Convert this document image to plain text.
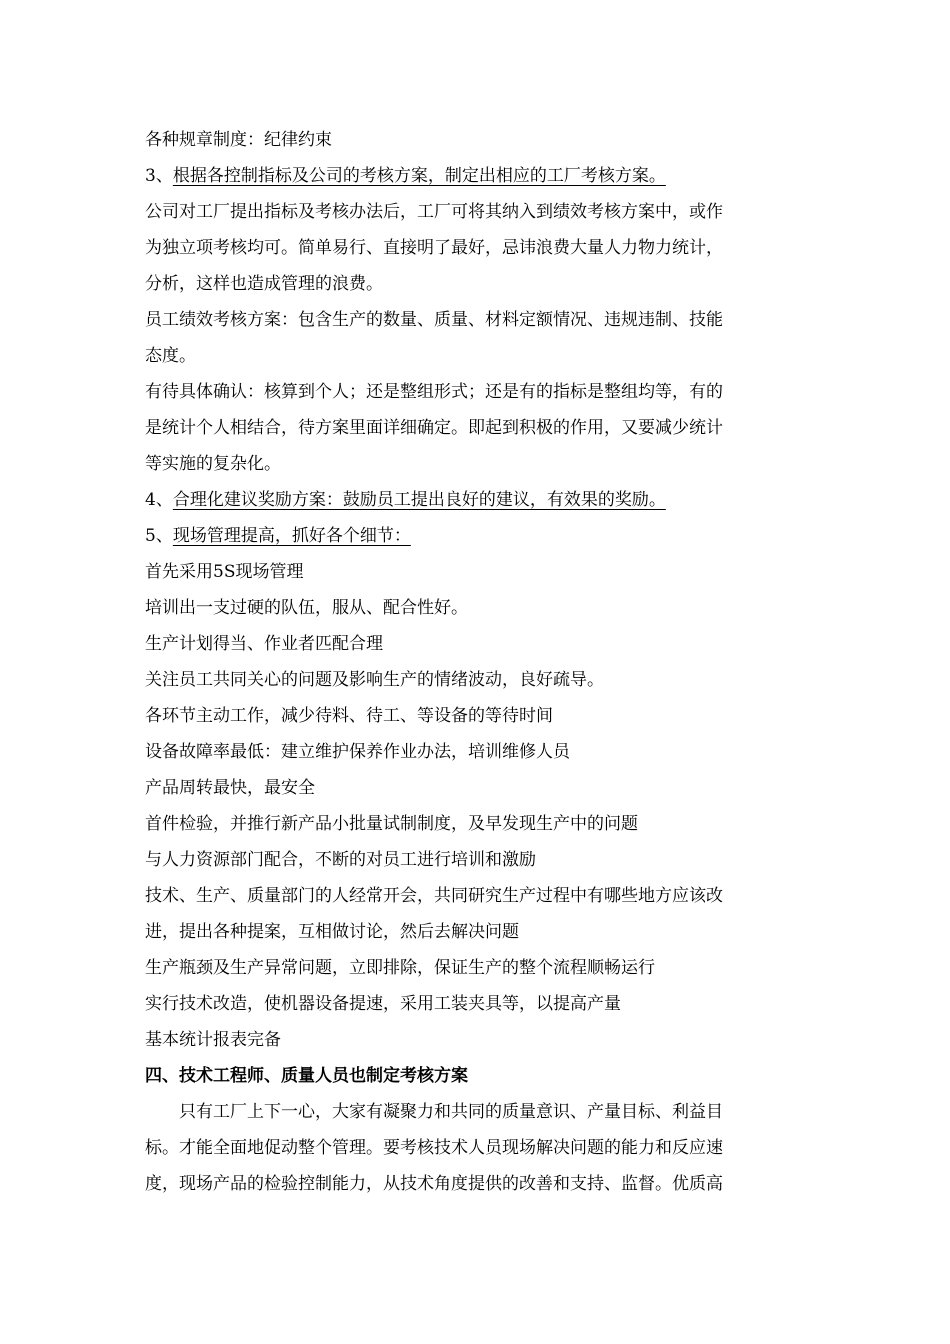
各种规章制度：纪律约束
3、根据各控制指标及公司的考核方案，制定出相应的工厂考核方案。
公司对工厂提出指标及考核办法后，工厂可将其纳入到绩效考核方案中，或作
为独立项考核均可。简单易行、直接明了最好，忌讳浪费大量人力物力统计，
分析，这样也造成管理的浪费。
员工绩效考核方案：包含生产的数量、质量、材料定额情况、违规违制、技能
态度。
有待具体确认：核算到个人；还是整组形式；还是有的指标是整组均等，有的
是统计个人相结合，待方案里面详细确定。即起到积极的作用，又要减少统计
等实施的复杂化。
4、合理化建议奖励方案：鼓励员工提出良好的建议，有效果的奖励。
5、现场管理提高，抓好各个细节：
首先采用5S现场管理
培训出一支过硬的队伍，服从、配合性好。
生产计划得当、作业者匹配合理
关注员工共同关心的问题及影响生产的情绪波动，良好疏导。
各环节主动工作，减少待料、待工、等设备的等待时间
设备故障率最低：建立维护保养作业办法，培训维修人员
产品周转最快，最安全
首件检验，并推行新产品小批量试制制度，及早发现生产中的问题
与人力资源部门配合，不断的对员工进行培训和激励
技术、生产、质量部门的人经常开会，共同研究生产过程中有哪些地方应该改
进，提出各种提案，互相做讨论，然后去解决问题
生产瓶颈及生产异常问题，立即排除，保证生产的整个流程顺畅运行
实行技术改造，使机器设备提速，采用工装夹具等，以提高产量
基本统计报表完备
四、技术工程师、质量人员也制定考核方案
只有工厂上下一心，大家有凝聚力和共同的质量意识、产量目标、利益目
标。才能全面地促动整个管理。要考核技术人员现场解决问题的能力和反应速
度，现场产品的检验控制能力，从技术角度提供的改善和支持、监督。优质高
